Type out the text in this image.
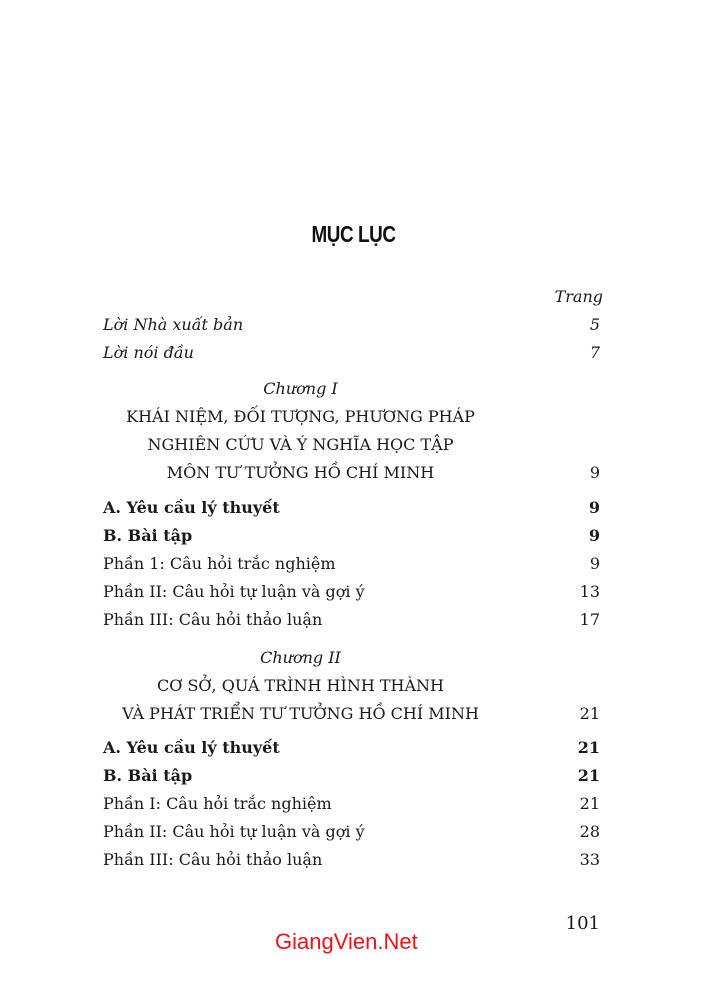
MỤC LỤC
Trang
Lời Nhà xuất bản	5
Lời nói đầu	7
Chương I
KHÁI NIỆM, ĐỐI TƯỢNG, PHƯƠNG PHÁP
NGHIÊN CỨU VÀ Ý NGHĨA HỌC TẬP
MÔN TƯ TƯỞNG HỒ CHÍ MINH	9
A. Yêu cầu lý thuyết	9
B. Bài tập	9
Phần 1: Câu hỏi trắc nghiệm	9
Phần II: Câu hỏi tự luận và gợi ý	13
Phần III: Câu hỏi thảo luận	17
Chương II
CƠ SỞ, QUÁ TRÌNH HÌNH THÀNH
VÀ PHÁT TRIỂN TƯ TƯỞNG HỒ CHÍ MINH	21
A. Yêu cầu lý thuyết	21
B. Bài tập	21
Phần I: Câu hỏi trắc nghiệm	21
Phần II: Câu hỏi tự luận và gợi ý	28
Phần III: Câu hỏi thảo luận	33
101
GiangVien.Net
